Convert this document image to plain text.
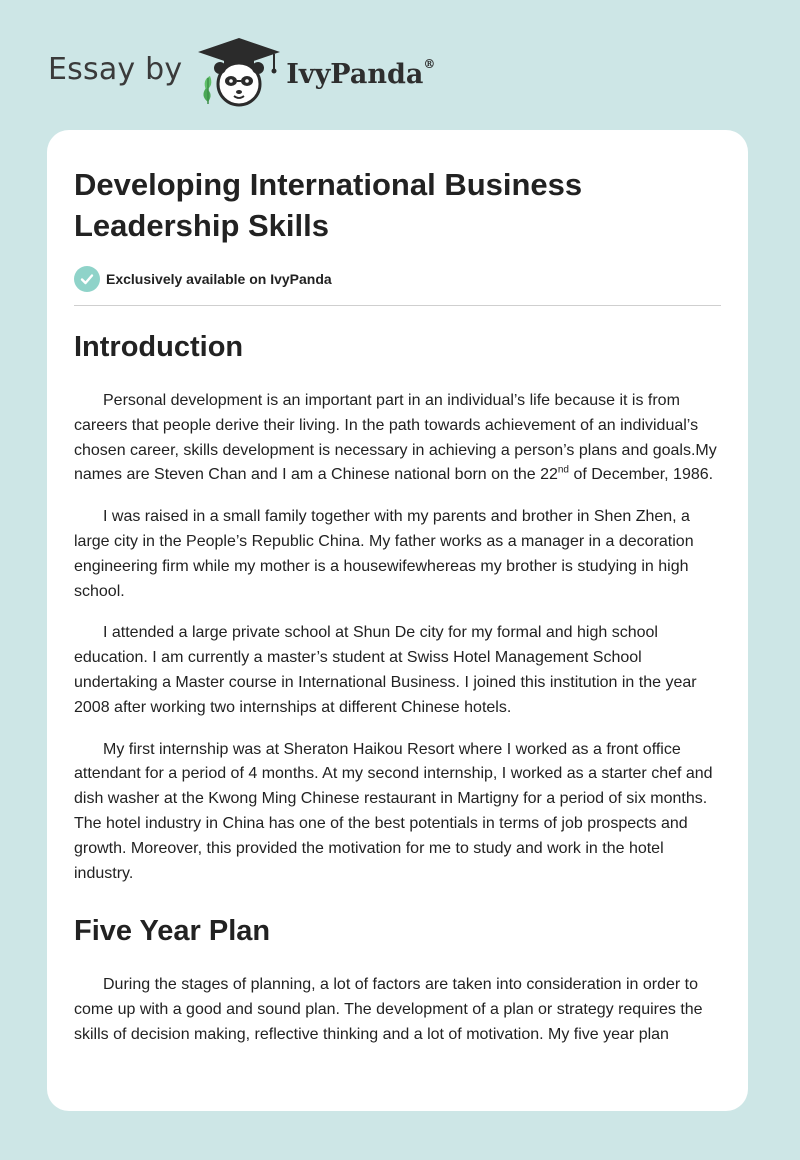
Essay by	IvyPanda®
Developing International Business Leadership Skills
Exclusively available on IvyPanda
Introduction

Personal development is an important part in an individual’s life because it is from careers that people derive their living. In the path towards achievement of an individual’s chosen career, skills development is necessary in achieving a person’s plans and goals.My names are Steven Chan and I am a Chinese national born on the 22nd of December, 1986.

I was raised in a small family together with my parents and brother in Shen Zhen, a large city in the People’s Republic China. My father works as a manager in a decoration engineering firm while my mother is a housewifewhereas my brother is studying in high school.

I attended a large private school at Shun De city for my formal and high school education. I am currently a master’s student at Swiss Hotel Management School undertaking a Master course in International Business. I joined this institution in the year 2008 after working two internships at different Chinese hotels.

My first internship was at Sheraton Haikou Resort where I worked as a front office attendant for a period of 4 months. At my second internship, I worked as a starter chef and dish washer at the Kwong Ming Chinese restaurant in Martigny for a period of six months. The hotel industry in China has one of the best potentials in terms of job prospects and growth. Moreover, this provided the motivation for me to study and work in the hotel industry.

Five Year Plan

During the stages of planning, a lot of factors are taken into consideration in order to come up with a good and sound plan. The development of a plan or strategy requires the skills of decision making, reflective thinking and a lot of motivation. My five year plan
